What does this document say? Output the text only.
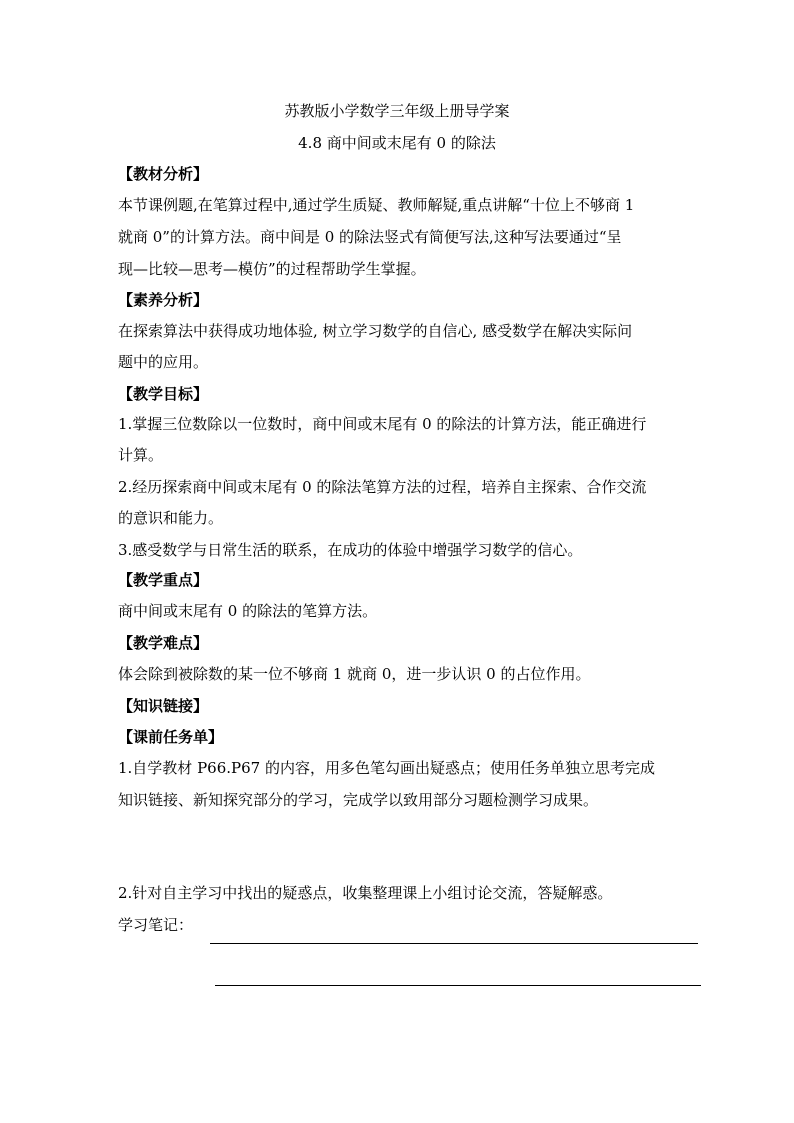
苏教版小学数学三年级上册导学案
4.8 商中间或末尾有 0 的除法
【教材分析】
本节课例题,在笔算过程中,通过学生质疑、教师解疑,重点讲解“十位上不够商 1
就商 0”的计算方法。商中间是 0 的除法竖式有简便写法,这种写法要通过“呈
现—比较—思考—模仿”的过程帮助学生掌握。
【素养分析】
在探索算法中获得成功地体验, 树立学习数学的自信心, 感受数学在解决实际问
题中的应用。
【教学目标】
1.掌握三位数除以一位数时，商中间或末尾有 0 的除法的计算方法，能正确进行
计算。
2.经历探索商中间或末尾有 0 的除法笔算方法的过程，培养自主探索、合作交流
的意识和能力。
3.感受数学与日常生活的联系，在成功的体验中增强学习数学的信心。
【教学重点】
商中间或末尾有 0 的除法的笔算方法。
【教学难点】
体会除到被除数的某一位不够商 1 就商 0，进一步认识 0 的占位作用。
【知识链接】
【课前任务单】
1.自学教材 P66.P67 的内容，用多色笔勾画出疑惑点；使用任务单独立思考完成
知识链接、新知探究部分的学习，完成学以致用部分习题检测学习成果。
2.针对自主学习中找出的疑惑点，收集整理课上小组讨论交流，答疑解惑。
学习笔记：
